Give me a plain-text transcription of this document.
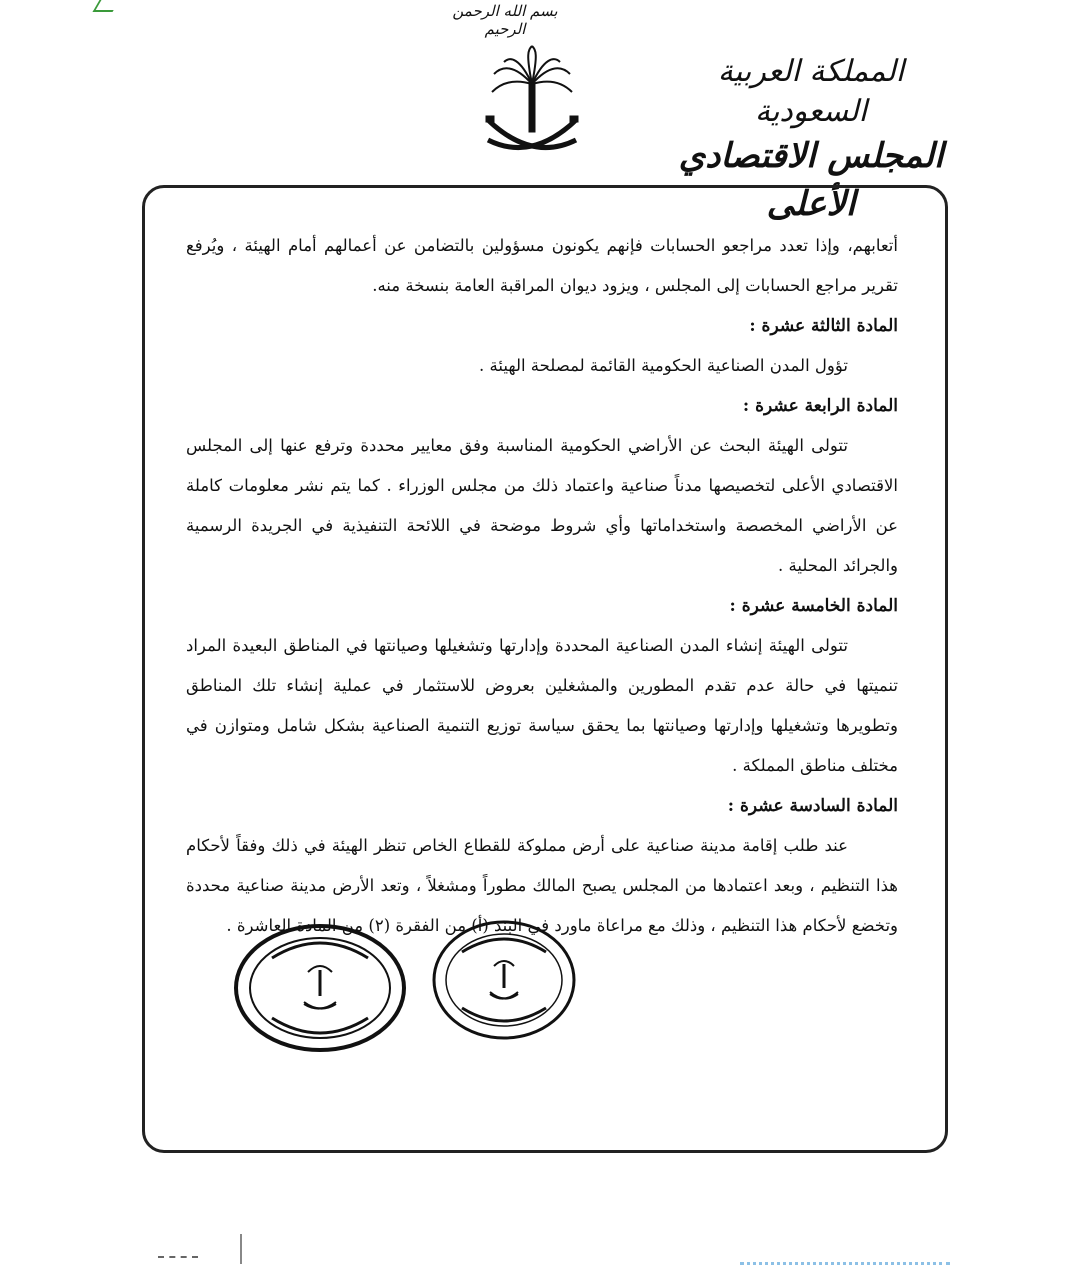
بسم الله الرحمن الرحيم
المملكة العربية السعودية
المجلس الاقتصادي الأعلى

أتعابهم، وإذا تعدد مراجعو الحسابات فإنهم يكونون مسؤولين بالتضامن عن أعمالهم أمام الهيئة ، ويُرفع تقرير مراجع الحسابات إلى المجلس ، ويزود ديوان المراقبة العامة بنسخة منه.

المادة الثالثة عشرة :

تؤول المدن الصناعية الحكومية القائمة لمصلحة الهيئة .

المادة الرابعة عشرة :

تتولى الهيئة البحث عن الأراضي الحكومية المناسبة وفق معايير محددة وترفع عنها إلى المجلس الاقتصادي الأعلى لتخصيصها مدناً صناعية واعتماد ذلك من مجلس الوزراء . كما يتم نشر معلومات كاملة عن الأراضي المخصصة واستخداماتها وأي شروط موضحة في اللائحة التنفيذية في الجريدة الرسمية والجرائد المحلية .

المادة الخامسة عشرة :

تتولى الهيئة إنشاء المدن الصناعية المحددة وإدارتها وتشغيلها وصيانتها في المناطق البعيدة المراد تنميتها في حالة عدم تقدم المطورين والمشغلين بعروض للاستثمار في عملية إنشاء تلك المناطق وتطويرها وتشغيلها وإدارتها وصيانتها بما يحقق سياسة توزيع التنمية الصناعية بشكل شامل ومتوازن في مختلف مناطق المملكة .

المادة السادسة عشرة :

عند طلب إقامة مدينة صناعية على أرض مملوكة للقطاع الخاص تنظر الهيئة في ذلك وفقاً لأحكام هذا التنظيم ، وبعد اعتمادها من المجلس يصبح المالك مطوراً ومشغلاً ، وتعد الأرض مدينة صناعية محددة وتخضع لأحكام هذا التنظيم ، وذلك مع مراعاة ماورد في البند (أ) من الفقرة (٢) من المادة العاشرة .
